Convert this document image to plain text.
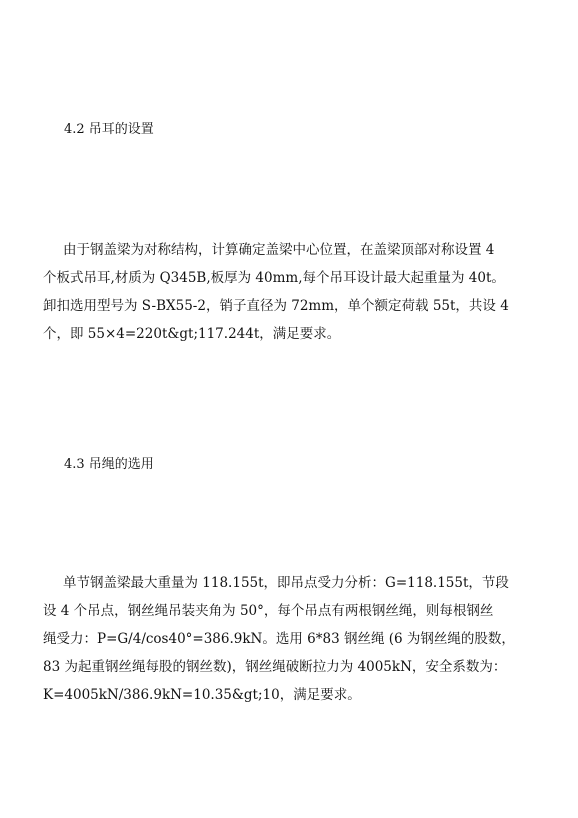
4.2 吊耳的设置
由于钢盖梁为对称结构，计算确定盖梁中心位置，在盖梁顶部对称设置 4
个板式吊耳,材质为 Q345B,板厚为 40mm,每个吊耳设计最大起重量为 40t。
卸扣选用型号为 S-BX55-2，销子直径为 72mm，单个额定荷载 55t，共设 4
个，即 55×4=220t&gt;117.244t，满足要求。
4.3 吊绳的选用
单节钢盖梁最大重量为 118.155t，即吊点受力分析：G=118.155t，节段
设 4 个吊点，钢丝绳吊装夹角为 50°，每个吊点有两根钢丝绳，则每根钢丝
绳受力：P=G/4/cos40°=386.9kN。选用 6*83 钢丝绳 (6 为钢丝绳的股数，
83 为起重钢丝绳每股的钢丝数)，钢丝绳破断拉力为 4005kN，安全系数为：
K=4005kN/386.9kN=10.35&gt;10，满足要求。
